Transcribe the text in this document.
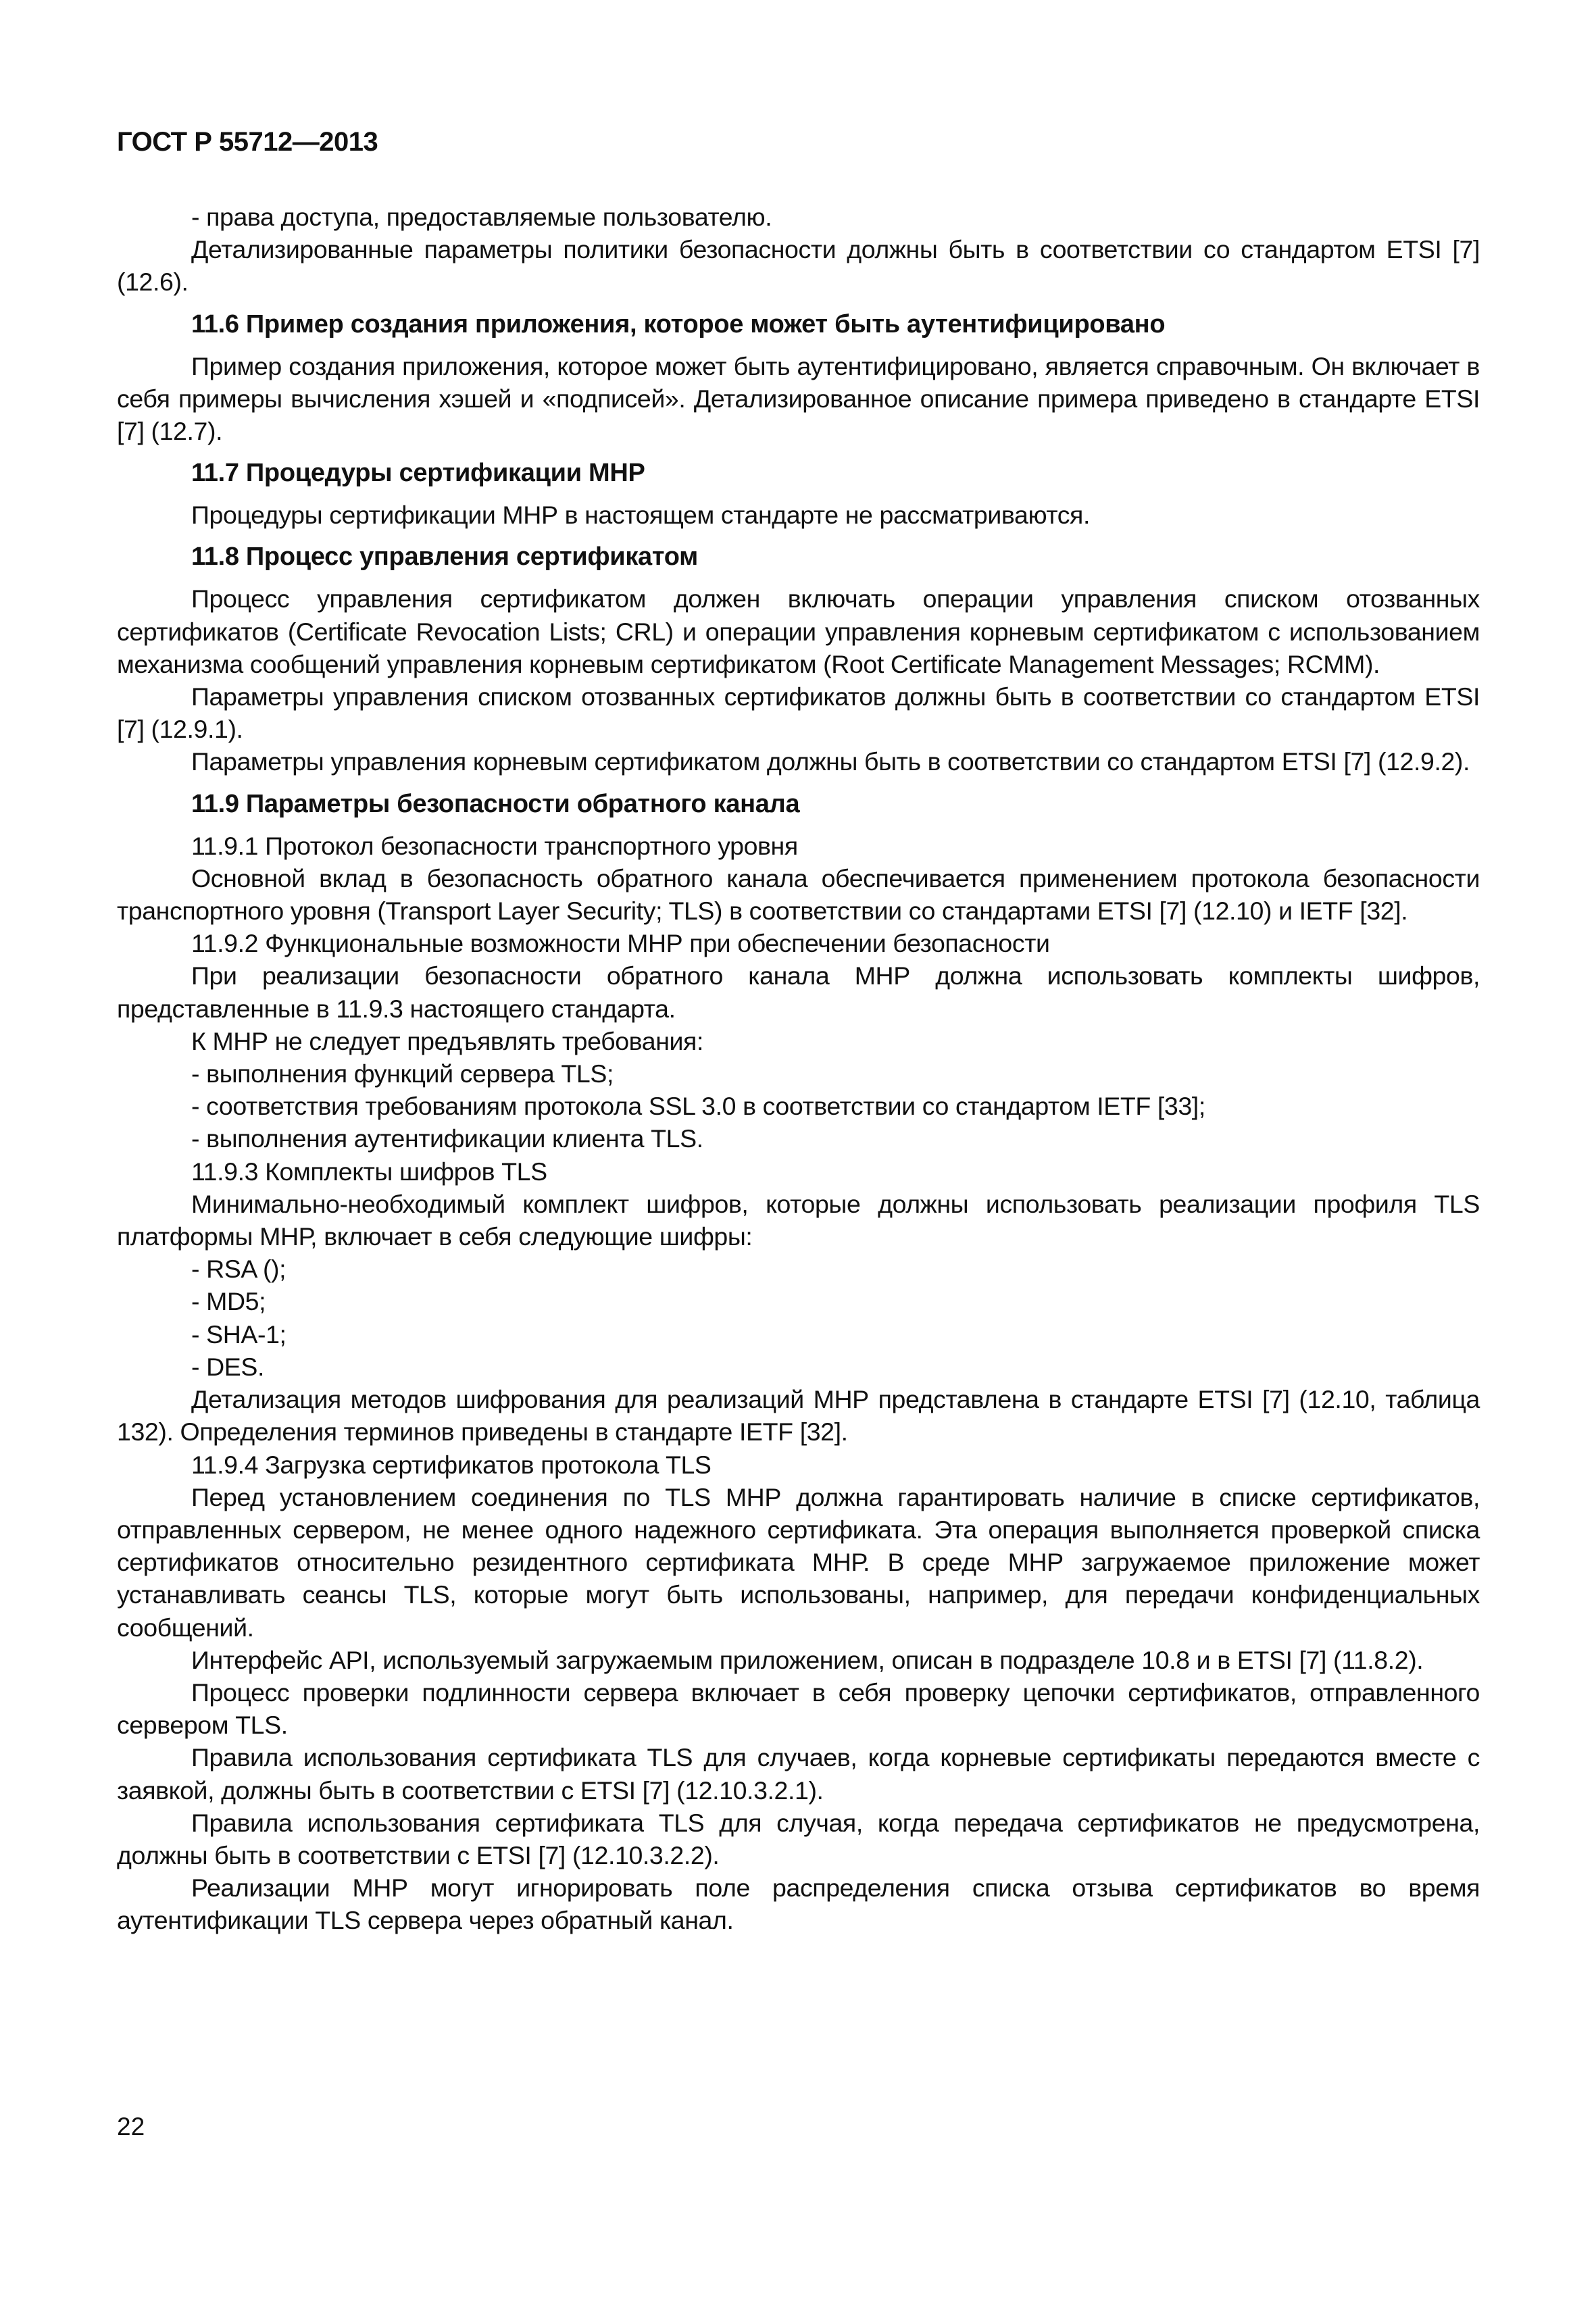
ГОСТ Р 55712—2013

- права доступа, предоставляемые пользователю.

Детализированные параметры политики безопасности должны быть в соответствии со стандартом ETSI [7] (12.6).

11.6 Пример создания приложения, которое может быть аутентифицировано

Пример создания приложения, которое может быть аутентифицировано, является справочным. Он включает в себя примеры вычисления хэшей и «подписей». Детализированное описание примера приведено в стандарте ETSI [7] (12.7).

11.7 Процедуры сертификации МНР

Процедуры сертификации МНР в настоящем стандарте не рассматриваются.

11.8 Процесс управления сертификатом

Процесс управления сертификатом должен включать операции управления списком отозванных сертификатов (Certificate Revocation Lists; CRL) и операции управления корневым сертификатом с использованием механизма сообщений управления корневым сертификатом (Root Certificate Management Messages; RCMM).

Параметры управления списком отозванных сертификатов должны быть в соответствии со стандартом ETSI [7] (12.9.1).

Параметры управления корневым сертификатом должны быть в соответствии со стандартом ETSI [7] (12.9.2).

11.9 Параметры безопасности обратного канала

11.9.1 Протокол безопасности транспортного уровня

Основной вклад в безопасность обратного канала обеспечивается применением протокола безопасности транспортного уровня (Transport Layer Security; TLS) в соответствии со стандартами ETSI [7] (12.10) и IETF [32].

11.9.2 Функциональные возможности МНР при обеспечении безопасности

При реализации безопасности обратного канала МНР должна использовать комплекты шифров, представленные в 11.9.3 настоящего стандарта.

К МНР не следует предъявлять требования:

- выполнения функций сервера TLS;

- соответствия требованиям протокола SSL 3.0 в соответствии со стандартом IETF [33];

- выполнения аутентификации клиента TLS.

11.9.3 Комплекты шифров TLS

Минимально-необходимый комплект шифров, которые должны использовать реализации профиля TLS платформы МНР, включает в себя следующие шифры:

- RSA ();

- MD5;

- SHA-1;

- DES.

Детализация методов шифрования для реализаций МНР представлена в стандарте ETSI [7] (12.10, таблица 132). Определения терминов приведены в стандарте IETF [32].

11.9.4 Загрузка сертификатов протокола TLS

Перед установлением соединения по TLS МНР должна гарантировать наличие в списке сертификатов, отправленных сервером, не менее одного надежного сертификата. Эта операция выполняется проверкой списка сертификатов относительно резидентного сертификата МНР. В среде МНР загружаемое приложение может устанавливать сеансы TLS, которые могут быть использованы, например, для передачи конфиденциальных сообщений.

Интерфейс API, используемый загружаемым приложением, описан в подразделе 10.8 и в ETSI [7] (11.8.2).

Процесс проверки подлинности сервера включает в себя проверку цепочки сертификатов, отправленного сервером TLS.

Правила использования сертификата TLS для случаев, когда корневые сертификаты передаются вместе с заявкой, должны быть в соответствии с ETSI [7] (12.10.3.2.1).

Правила использования сертификата TLS для случая, когда передача сертификатов не предусмотрена, должны быть в соответствии с ETSI [7] (12.10.3.2.2).

Реализации МНР могут игнорировать поле распределения списка отзыва сертификатов во время аутентификации TLS сервера через обратный канал.

22
